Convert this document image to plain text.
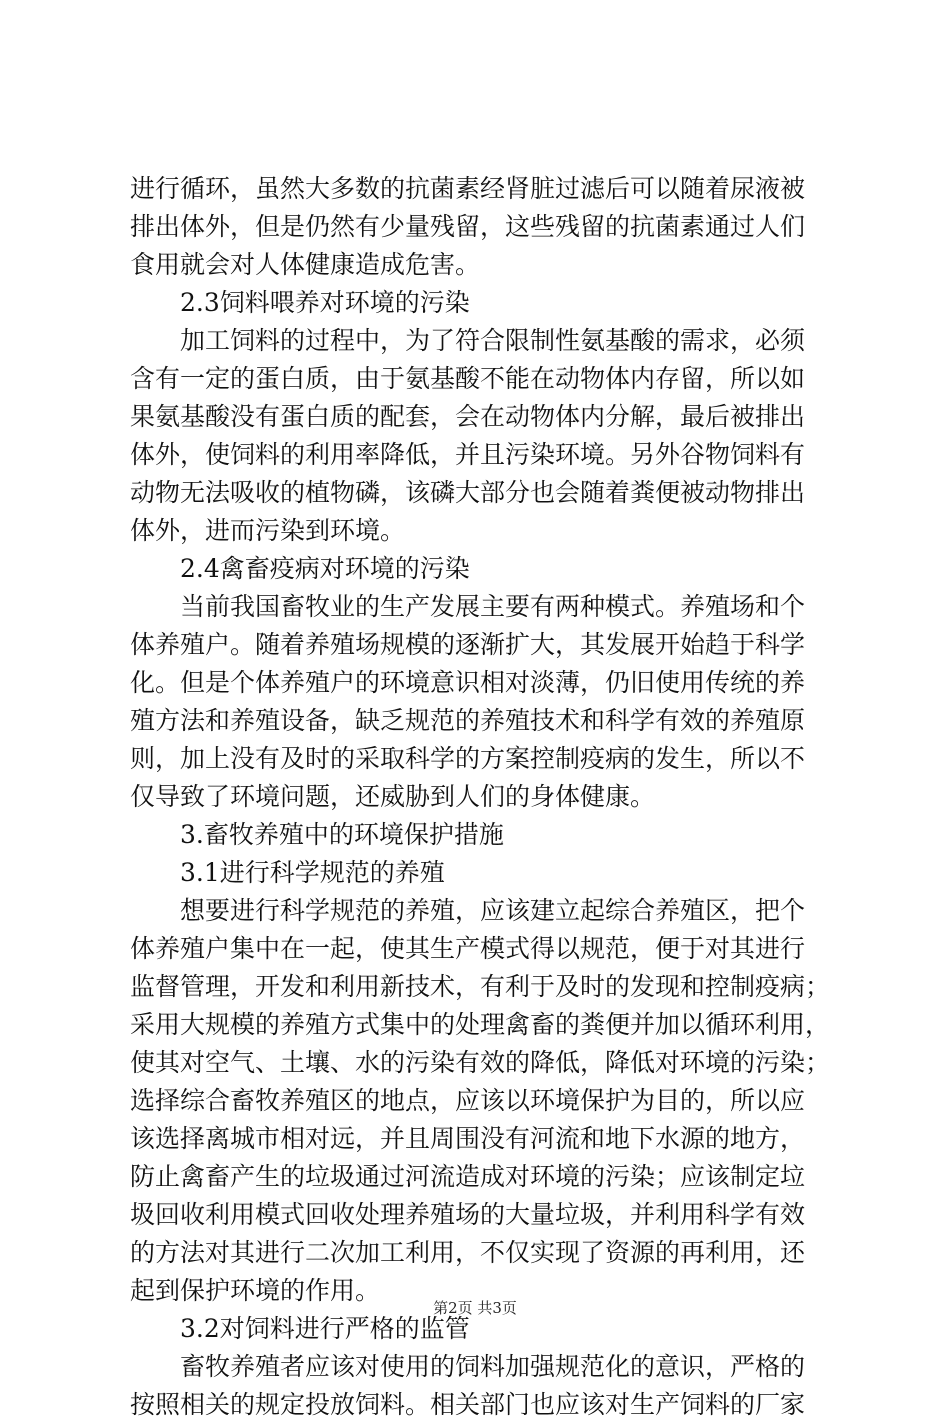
进行循环，虽然大多数的抗菌素经肾脏过滤后可以随着尿液被
排出体外，但是仍然有少量残留，这些残留的抗菌素通过人们
食用就会对人体健康造成危害。
2.3饲料喂养对环境的污染
加工饲料的过程中，为了符合限制性氨基酸的需求，必须
含有一定的蛋白质，由于氨基酸不能在动物体内存留，所以如
果氨基酸没有蛋白质的配套，会在动物体内分解，最后被排出
体外，使饲料的利用率降低，并且污染环境。另外谷物饲料有
动物无法吸收的植物磷，该磷大部分也会随着粪便被动物排出
体外，进而污染到环境。
2.4禽畜疫病对环境的污染
当前我国畜牧业的生产发展主要有两种模式。养殖场和个
体养殖户。随着养殖场规模的逐渐扩大，其发展开始趋于科学
化。但是个体养殖户的环境意识相对淡薄，仍旧使用传统的养
殖方法和养殖设备，缺乏规范的养殖技术和科学有效的养殖原
则，加上没有及时的采取科学的方案控制疫病的发生，所以不
仅导致了环境问题，还威胁到人们的身体健康。
3.畜牧养殖中的环境保护措施
3.1进行科学规范的养殖
想要进行科学规范的养殖，应该建立起综合养殖区，把个
体养殖户集中在一起，使其生产模式得以规范，便于对其进行
监督管理，开发和利用新技术，有利于及时的发现和控制疫病；
采用大规模的养殖方式集中的处理禽畜的粪便并加以循环利用，
使其对空气、土壤、水的污染有效的降低，降低对环境的污染；
选择综合畜牧养殖区的地点，应该以环境保护为目的，所以应
该选择离城市相对远，并且周围没有河流和地下水源的地方，
防止禽畜产生的垃圾通过河流造成对环境的污染；应该制定垃
圾回收利用模式回收处理养殖场的大量垃圾，并利用科学有效
的方法对其进行二次加工利用，不仅实现了资源的再利用，还
起到保护环境的作用。
3.2对饲料进行严格的监管
畜牧养殖者应该对使用的饲料加强规范化的意识，严格的
按照相关的规定投放饲料。相关部门也应该对生产饲料的厂家
第2页 共3页
